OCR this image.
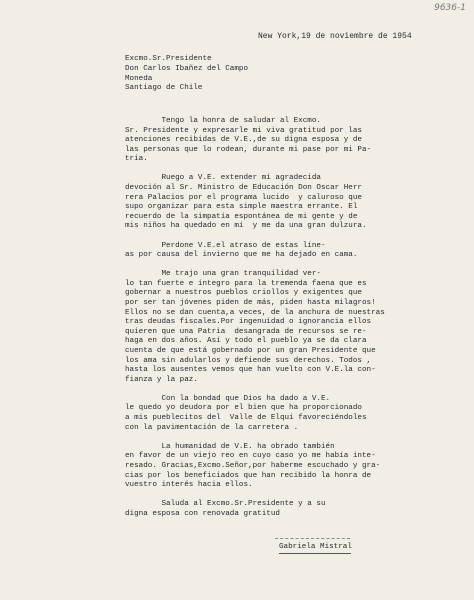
9636-1
New York,19 de noviembre de 1954
Excmo.Sr.Presidente
Don Carlos Ibañez del Campo
Moneda
Santiago de Chile
Tengo la honra de saludar al Excmo.
Sr. Presidente y expresarle mi viva gratitud por las
atenciones recibidas de V.E.,de su digna esposa y de
las personas que lo rodean, durante mi pase por mi Pa-
tria.
Ruego a V.E. extender mi agradecida
devoción al Sr. Ministro de Educación Don Oscar Herr
rera Palacios por el programa lucido  y caluroso que
supo organizar para esta simple maestra errante. El
recuerdo de la simpatía espontánea de mi gente y de
mis niños ha quedado en mí  y me da una gran dulzura.
Perdone V.E.el atraso de estas líne-
as por causa del invierno que me ha dejado en cama.
Me trajo una gran tranquilidad ver-
lo tan fuerte e íntegro para la tremenda faena que es
gobernar a nuestros pueblos criollos y exigentes que
por ser tan jóvenes piden de más, piden hasta milagros!
Ellos no se dan cuenta,a veces, de la anchura de nuestras
tras deudas fiscales.Por ingenuidad o ignorancia ellos
quieren que una Patria  desangrada de recursos se re-
haga en dos años. Así y todo el pueblo ya se da clara
cuenta de que está gobernado por un gran Presidente que
los ama sin adularlos y defiende sus derechos. Todos ,
hasta los ausentes vemos que han vuelto con V.E.la con-
fianza y la paz.
Con la bondad que Dios ha dado a V.E.
le quedo yo deudora por el bien que ha proporcionado
a mis pueblecitos del  Valle de Elqui favoreciéndoles
con la pavimentación de la carretera .
La humanidad de V.E. ha obrado también
en favor de un viejo reo en cuyo caso yo me había inte-
resado. Gracias,Excmo.Señor,por haberme escuchado y gra-
cias por los beneficiados que han recibido la honra de
vuestro interés hacia ellos.
Saluda al Excmo.Sr.Presidente y a su
digna esposa con renovada gratitud
Gabriela Mistral
